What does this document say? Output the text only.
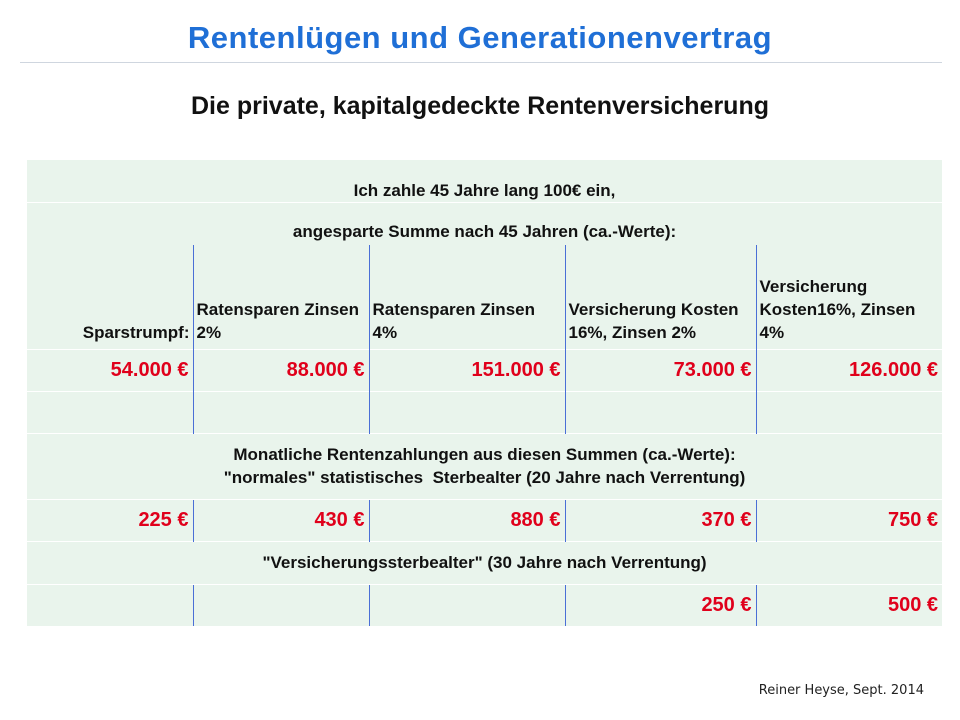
Rentenlügen und Generationenvertrag
Die private, kapitalgedeckte Rentenversicherung
Ich zahle 45 Jahre lang 100€ ein,				
angesparte Summe nach 45 Jahren (ca.-Werte):				
Sparstrumpf:	Ratensparen Zinsen 2%	Ratensparen Zinsen 4%	Versicherung Kosten 16%, Zinsen 2%	Versicherung Kosten16%, Zinsen 4%
54.000 €	88.000 €	151.000 €	73.000 €	126.000 €

Monatliche Rentenzahlungen aus diesen Summen (ca.-Werte):
"normales" statistisches  Sterbealter (20 Jahre nach Verrentung)				

225 €	430 €	880 €	370 €	750 €
"Versicherungssterbealter" (30 Jahre nach Verrentung)				
			250 €	500 €
Reiner Heyse, Sept. 2014
